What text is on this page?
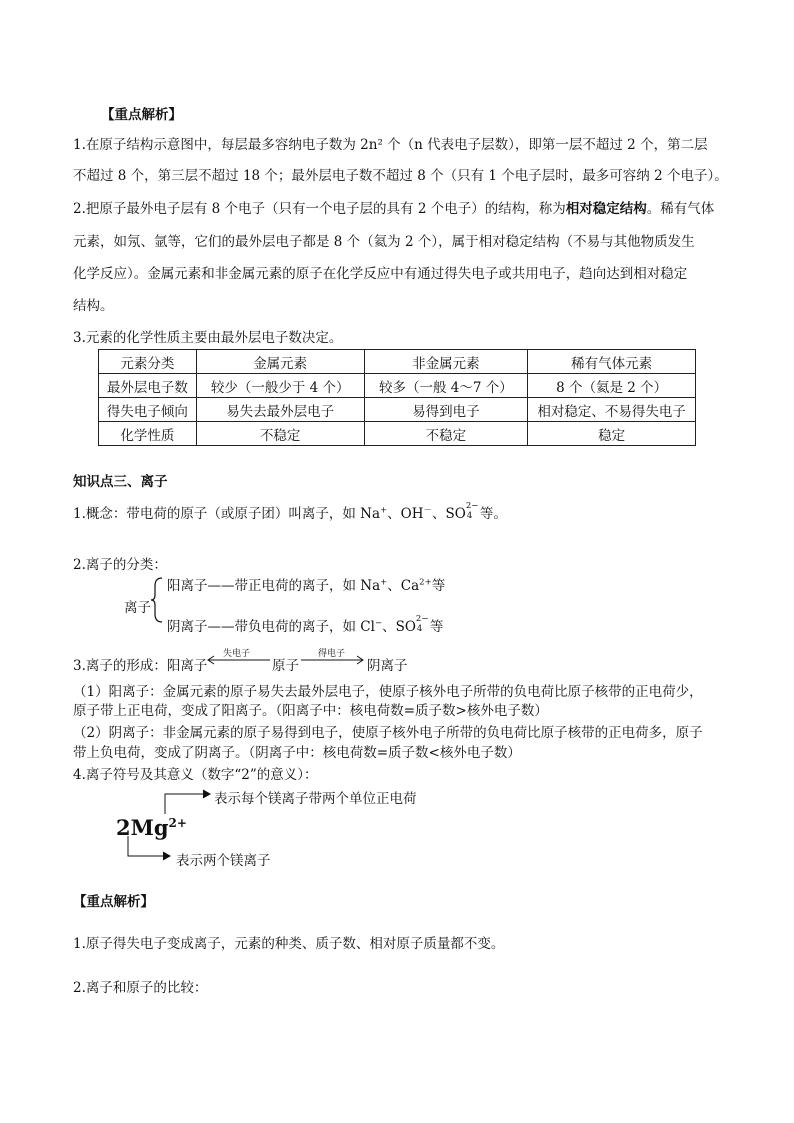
【重点解析】
1.在原子结构示意图中，每层最多容纳电子数为 2n² 个（n 代表电子层数），即第一层不超过 2 个，第二层
不超过 8 个，第三层不超过 18 个；最外层电子数不超过 8 个（只有 1 个电子层时，最多可容纳 2 个电子）。
2.把原子最外电子层有 8 个电子（只有一个电子层的具有 2 个电子）的结构，称为相对稳定结构。稀有气体
元素，如氖、氩等，它们的最外层电子都是 8 个（氦为 2 个），属于相对稳定结构（不易与其他物质发生
化学反应）。金属元素和非金属元素的原子在化学反应中有通过得失电子或共用电子，趋向达到相对稳定
结构。
3.元素的化学性质主要由最外层电子数决定。
元素分类	金属元素	非金属元素	稀有气体元素
最外层电子数	较少（一般少于 4 个）	较多（一般 4～7 个）	8 个（氦是 2 个）
得失电子倾向	易失去最外层电子	易得到电子	相对稳定、不易得失电子
化学性质	不稳定	不稳定	稳定
知识点三、离子
1.概念：带电荷的原子（或原子团）叫离子，如 Na+、OH－、SO 2−
4 等。
2.离子的分类：
离子
阳离子——带正电荷的离子，如 Na+、$Ca^{2+}$等
阴离子——带负电荷的离子，如 Cl−、SO 2−
4 等
3.离子的形成：阳离子
失电子
原子
得电子
阴离子
（1）阳离子：金属元素的原子易失去最外层电子，使原子核外电子所带的负电荷比原子核带的正电荷少，
原子带上正电荷，变成了阳离子。（阳离子中：核电荷数=质子数>核外电子数）
（2）阴离子：非金属元素的原子易得到电子，使原子核外电子所带的负电荷比原子核带的正电荷多，原子
带上负电荷，变成了阴离子。（阴离子中：核电荷数=质子数<核外电子数）
4.离子符号及其意义（数字“2”的意义）：
表示每个镁离子带两个单位正电荷
$2Mg^{2+}$
表示两个镁离子
【重点解析】
1.原子得失电子变成离子，元素的种类、质子数、相对原子质量都不变。
2.离子和原子的比较：
